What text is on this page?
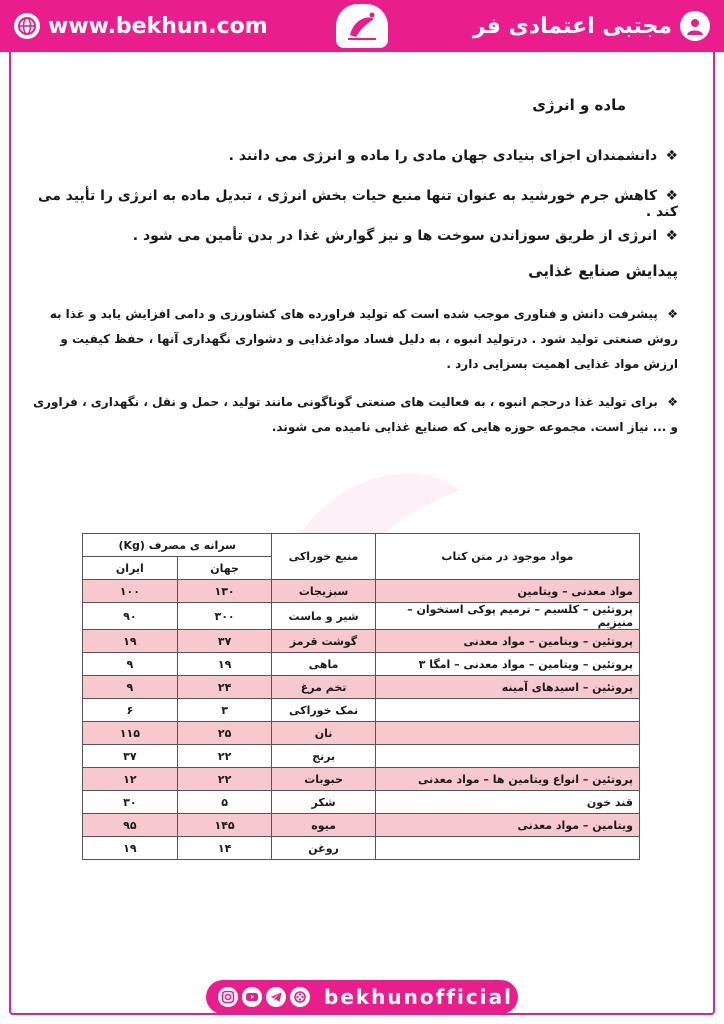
www.bekhun.com	مجتبی اعتمادی فر
ماده و انرژی
❖ دانشمندان اجزای بنیادی جهان مادی را ماده و انرژی می دانند .
❖ کاهش جرم خورشید به عنوان تنها منبع حیات بخش انرژی ، تبدیل ماده به انرژی را تأیید می کند .
❖ انرژی از طریق سوزاندن سوخت ها و نیز گوارش غذا در بدن تأمین می شود .
پیدایش صنایع غذایی
❖ پیشرفت دانش و فناوری موجب شده است که تولید فراورده های کشاورزی و دامی افزایش یابد و غذا به روش صنعتی تولید شود . درتولید انبوه ، به دلیل فساد موادغذایی و دشواری نگهداری آنها ، حفظ کیفیت و ارزش مواد غذایی اهمیت بسزایی دارد .
❖ برای تولید غذا درحجم انبوه ، به فعالیت های صنعتی گوناگونی مانند تولید ، حمل و نقل ، نگهداری ، فراوری و ... نیاز است. مجموعه حوزه هایی که صنایع غذایی نامیده می شوند.
مواد موجود در متن کتاب	منبع خوراکی	سرانه ی مصرف (Kg)	
		جهان	ایران
مواد معدنی – ویتامین	سبزیجات	۱۳۰	۱۰۰
پروتئین – کلسیم – ترمیم پوکی استخوان – منیزیم	شیر و ماست	۳۰۰	۹۰
پروتئین – ویتامین – مواد معدنی	گوشت قرمز	۳۷	۱۹
پروتئین – ویتامین – مواد معدنی – امگا ۳	ماهی	۱۹	۹
پروتئین – اسیدهای آمینه	تخم مرغ	۲۴	۹
	نمک خوراکی	۳	۶
	نان	۲۵	۱۱۵
	برنج	۲۲	۳۷
پروتئین – انواع ویتامین ها – مواد معدنی	حبوبات	۲۲	۱۲
قند خون	شکر	۵	۳۰
ویتامین – مواد معدنی	میوه	۱۴۵	۹۵
	روغن	۱۴	۱۹
bekhunofficial
